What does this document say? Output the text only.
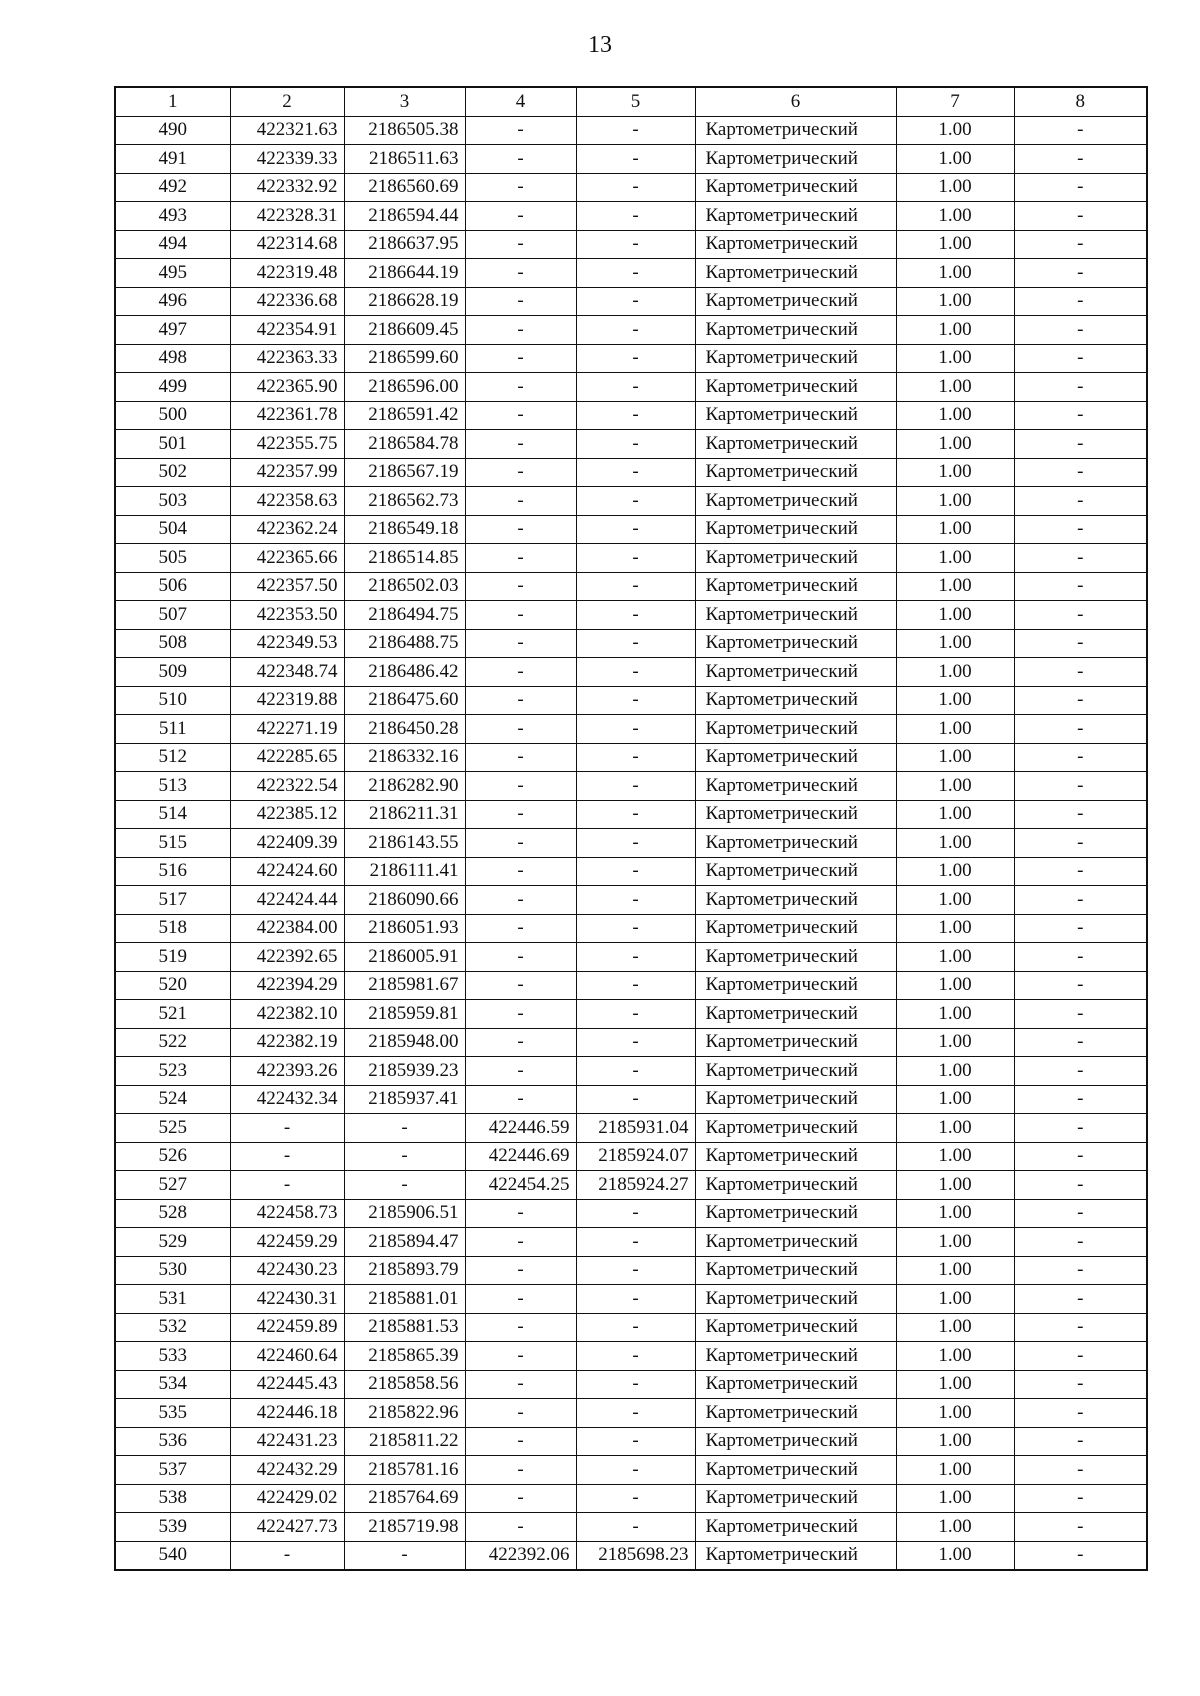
13
1	2	3	4	5	6	7	8
490	422321.63	2186505.38	-	-	Картометрический	1.00	-
491	422339.33	2186511.63	-	-	Картометрический	1.00	-
492	422332.92	2186560.69	-	-	Картометрический	1.00	-
493	422328.31	2186594.44	-	-	Картометрический	1.00	-
494	422314.68	2186637.95	-	-	Картометрический	1.00	-
495	422319.48	2186644.19	-	-	Картометрический	1.00	-
496	422336.68	2186628.19	-	-	Картометрический	1.00	-
497	422354.91	2186609.45	-	-	Картометрический	1.00	-
498	422363.33	2186599.60	-	-	Картометрический	1.00	-
499	422365.90	2186596.00	-	-	Картометрический	1.00	-
500	422361.78	2186591.42	-	-	Картометрический	1.00	-
501	422355.75	2186584.78	-	-	Картометрический	1.00	-
502	422357.99	2186567.19	-	-	Картометрический	1.00	-
503	422358.63	2186562.73	-	-	Картометрический	1.00	-
504	422362.24	2186549.18	-	-	Картометрический	1.00	-
505	422365.66	2186514.85	-	-	Картометрический	1.00	-
506	422357.50	2186502.03	-	-	Картометрический	1.00	-
507	422353.50	2186494.75	-	-	Картометрический	1.00	-
508	422349.53	2186488.75	-	-	Картометрический	1.00	-
509	422348.74	2186486.42	-	-	Картометрический	1.00	-
510	422319.88	2186475.60	-	-	Картометрический	1.00	-
511	422271.19	2186450.28	-	-	Картометрический	1.00	-
512	422285.65	2186332.16	-	-	Картометрический	1.00	-
513	422322.54	2186282.90	-	-	Картометрический	1.00	-
514	422385.12	2186211.31	-	-	Картометрический	1.00	-
515	422409.39	2186143.55	-	-	Картометрический	1.00	-
516	422424.60	2186111.41	-	-	Картометрический	1.00	-
517	422424.44	2186090.66	-	-	Картометрический	1.00	-
518	422384.00	2186051.93	-	-	Картометрический	1.00	-
519	422392.65	2186005.91	-	-	Картометрический	1.00	-
520	422394.29	2185981.67	-	-	Картометрический	1.00	-
521	422382.10	2185959.81	-	-	Картометрический	1.00	-
522	422382.19	2185948.00	-	-	Картометрический	1.00	-
523	422393.26	2185939.23	-	-	Картометрический	1.00	-
524	422432.34	2185937.41	-	-	Картометрический	1.00	-
525	-	-	422446.59	2185931.04	Картометрический	1.00	-
526	-	-	422446.69	2185924.07	Картометрический	1.00	-
527	-	-	422454.25	2185924.27	Картометрический	1.00	-
528	422458.73	2185906.51	-	-	Картометрический	1.00	-
529	422459.29	2185894.47	-	-	Картометрический	1.00	-
530	422430.23	2185893.79	-	-	Картометрический	1.00	-
531	422430.31	2185881.01	-	-	Картометрический	1.00	-
532	422459.89	2185881.53	-	-	Картометрический	1.00	-
533	422460.64	2185865.39	-	-	Картометрический	1.00	-
534	422445.43	2185858.56	-	-	Картометрический	1.00	-
535	422446.18	2185822.96	-	-	Картометрический	1.00	-
536	422431.23	2185811.22	-	-	Картометрический	1.00	-
537	422432.29	2185781.16	-	-	Картометрический	1.00	-
538	422429.02	2185764.69	-	-	Картометрический	1.00	-
539	422427.73	2185719.98	-	-	Картометрический	1.00	-
540	-	-	422392.06	2185698.23	Картометрический	1.00	-
